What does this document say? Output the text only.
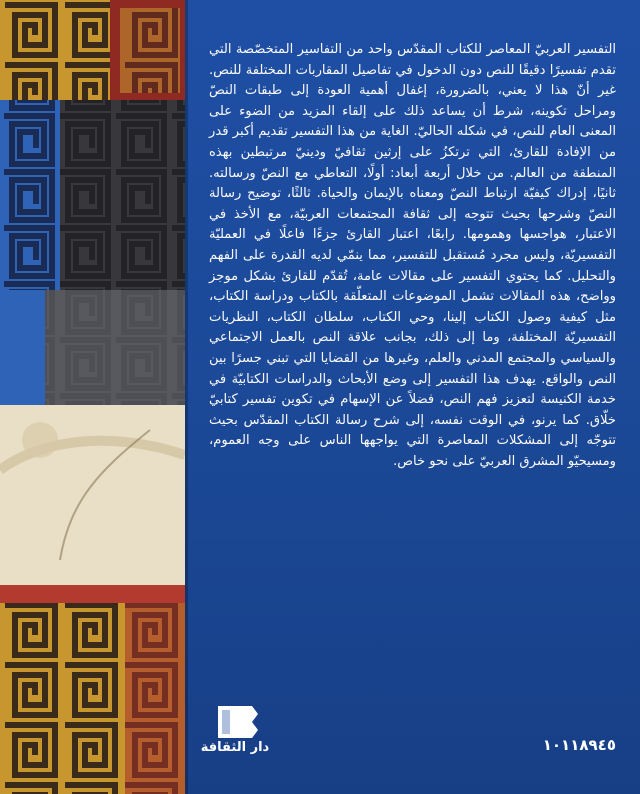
التفسير العربيّ المعاصر للكتاب المقدّس واحد من التفاسير المتخصّصة التي تقدم تفسيرًا دقيقًا للنص دون الدخول في تفاصيل المقاربات المختلفة للنص. غير أنّ هذا لا يعني، بالضرورة، إغفال أهمية العودة إلى طبقات النصّ ومراحل تكوينه، شرط أن يساعد ذلك على إلقاء المزيد من الضوء على المعنى العام للنص، في شكله الحاليّ. الغاية من هذا التفسير تقديم أكبر قدر من الإفادة للقارئ، التي ترتكزُ على إرثين ثقافيّ ودينيّ مرتبطين بهذه المنطقة من العالم. من خلال أربعة أبعاد: أولًا، التعاطي مع النصّ ورسالته. ثانيًا، إدراك كيفيّة ارتباط النصّ ومعناه بالإيمان والحياة. ثالثًا، توضيح رسالة النصّ وشرحها بحيث تتوجه إلى ثقافة المجتمعات العربيّة، مع الأخذ في الاعتبار، هواجسها وهمومها. رابعًا، اعتبار القارئ جزءًا فاعلًا في العمليّة التفسيريّة، وليس مجرد مُستقبل للتفسير، مما ينمّي لديه القدرة على الفهم والتحليل. كما يحتوي التفسير على مقالات عامة، تُقدّم للقارئ بشكل موجز وواضح، هذه المقالات تشمل الموضوعات المتعلّقة بالكتاب ودراسة الكتاب، مثل كيفية وصول الكتاب إلينا، وحي الكتاب، سلطان الكتاب، النظريات التفسيريّة المختلفة، وما إلى ذلك، بجانب علاقة النص بالعمل الاجتماعي والسياسي والمجتمع المدني والعلم، وغيرها من القضايا التي تبني جسرًا بين النص والواقع. يهدف هذا التفسير إلى وضع الأبحاث والدراسات الكتابيّة في خدمة الكنيسة لتعزيز فهم النص، فضلاً عن الإسهام في تكوين تفسير كتابيّ خلّاق. كما يرنو، في الوقت نفسه، إلى شرح رسالة الكتاب المقدّس بحيث تتوجّه إلى المشكلات المعاصرة التي يواجهها الناس على وجه العموم، ومسيحيّو المشرق العربيّ على نحو خاص.

دار الثقافة	١٠١١٨٩٤٥
